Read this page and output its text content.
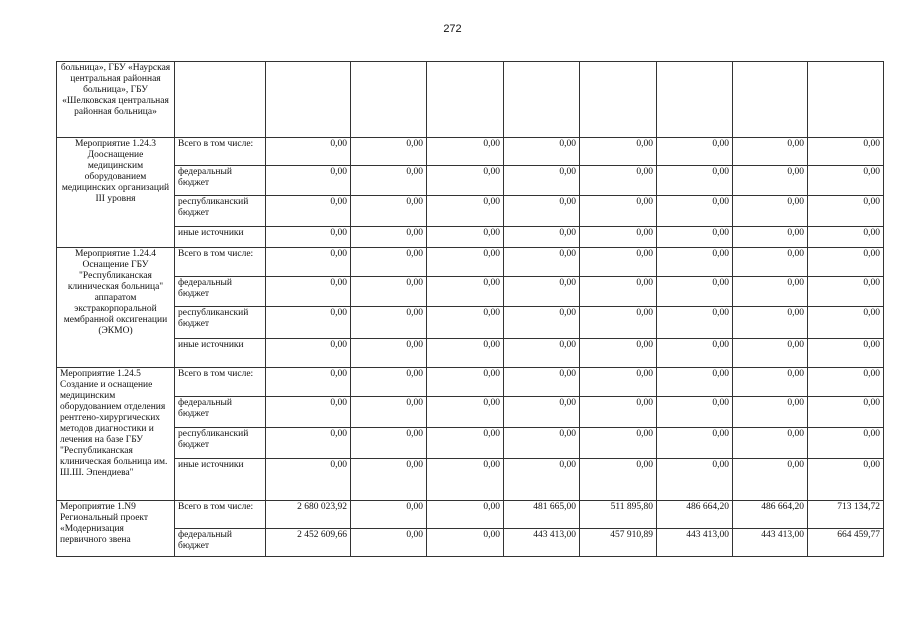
272
больница», ГБУ «Наурская центральная районная больница», ГБУ «Шелковская центральная районная больница»									
Мероприятие 1.24.3 Дооснащение медицинским оборудованием медицинских организаций III уровня	Всего в том числе:	0,00	0,00	0,00	0,00	0,00	0,00	0,00	0,00
	федеральный бюджет	0,00	0,00	0,00	0,00	0,00	0,00	0,00	0,00
	республиканский бюджет	0,00	0,00	0,00	0,00	0,00	0,00	0,00	0,00
	иные источники	0,00	0,00	0,00	0,00	0,00	0,00	0,00	0,00
Мероприятие 1.24.4 Оснащение ГБУ "Республиканская клиническая больница" аппаратом экстракорпоральной мембранной оксигенации (ЭКМО)	Всего в том числе:	0,00	0,00	0,00	0,00	0,00	0,00	0,00	0,00
	федеральный бюджет	0,00	0,00	0,00	0,00	0,00	0,00	0,00	0,00
	республиканский бюджет	0,00	0,00	0,00	0,00	0,00	0,00	0,00	0,00
	иные источники	0,00	0,00	0,00	0,00	0,00	0,00	0,00	0,00
Мероприятие 1.24.5 Создание и оснащение медицинским оборудованием отделения рентгено-хирургических методов диагностики и лечения на базе ГБУ "Республиканская клиническая больница им. Ш.Ш. Эпендиева"	Всего в том числе:	0,00	0,00	0,00	0,00	0,00	0,00	0,00	0,00
	федеральный бюджет	0,00	0,00	0,00	0,00	0,00	0,00	0,00	0,00
	республиканский бюджет	0,00	0,00	0,00	0,00	0,00	0,00	0,00	0,00
	иные источники	0,00	0,00	0,00	0,00	0,00	0,00	0,00	0,00
Мероприятие 1.N9 Региональный проект «Модернизация первичного звена	Всего в том числе:	2 680 023,92	0,00	0,00	481 665,00	511 895,80	486 664,20	486 664,20	713 134,72
	федеральный бюджет	2 452 609,66	0,00	0,00	443 413,00	457 910,89	443 413,00	443 413,00	664 459,77
